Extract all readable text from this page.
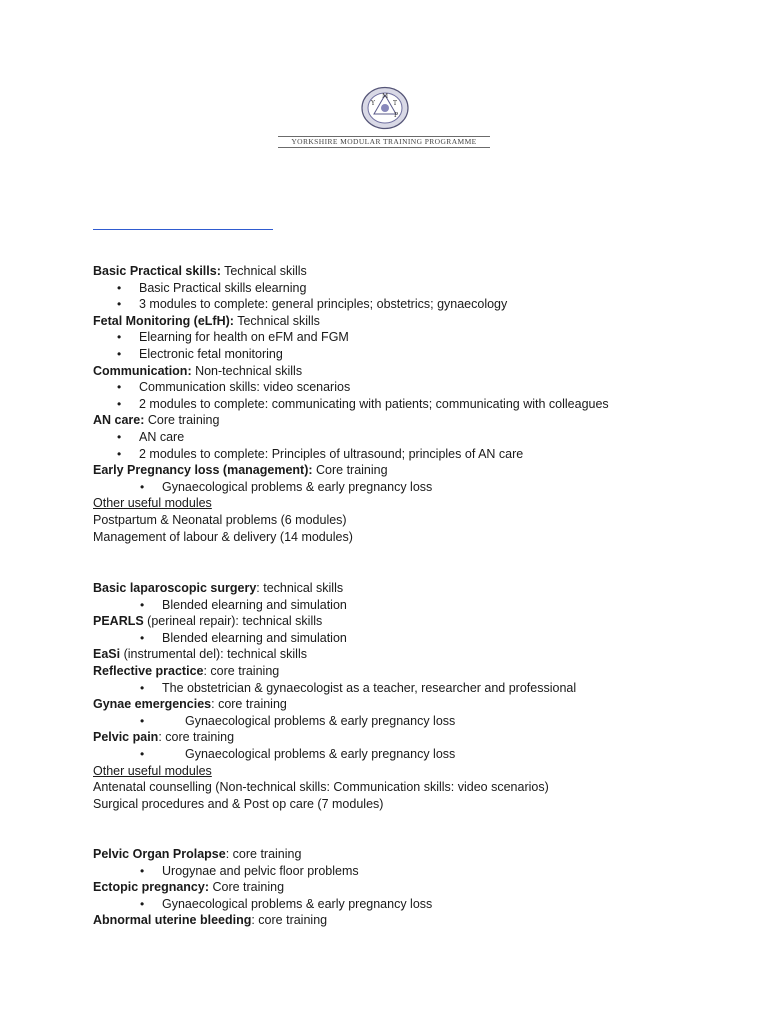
Y
M
T
P
YORKSHIRE MODULAR TRAINING PROGRAMME
Basic Practical skills: Technical skills
• Basic Practical skills elearning
• 3 modules to complete: general principles; obstetrics; gynaecology
Fetal Monitoring (eLfH): Technical skills
• Elearning for health on eFM and FGM
• Electronic fetal monitoring
Communication: Non-technical skills
• Communication skills: video scenarios
• 2 modules to complete: communicating with patients; communicating with colleagues
AN care: Core training
• AN care
• 2 modules to complete: Principles of ultrasound; principles of AN care
Early Pregnancy loss (management): Core training
• Gynaecological problems & early pregnancy loss
Other useful modules
Postpartum & Neonatal problems (6 modules)
Management of labour & delivery (14 modules)
Basic laparoscopic surgery: technical skills
• Blended elearning and simulation
PEARLS (perineal repair): technical skills
• Blended elearning and simulation
EaSi (instrumental del): technical skills
Reflective practice: core training
• The obstetrician & gynaecologist as a teacher, researcher and professional
Gynae emergencies: core training
•	Gynaecological problems & early pregnancy loss
Pelvic pain: core training
•	Gynaecological problems & early pregnancy loss
Other useful modules
Antenatal counselling (Non-technical skills: Communication skills: video scenarios)
Surgical procedures and & Post op care (7 modules)
Pelvic Organ Prolapse: core training
• Urogynae and pelvic floor problems
Ectopic pregnancy: Core training
• Gynaecological problems & early pregnancy loss
Abnormal uterine bleeding: core training
